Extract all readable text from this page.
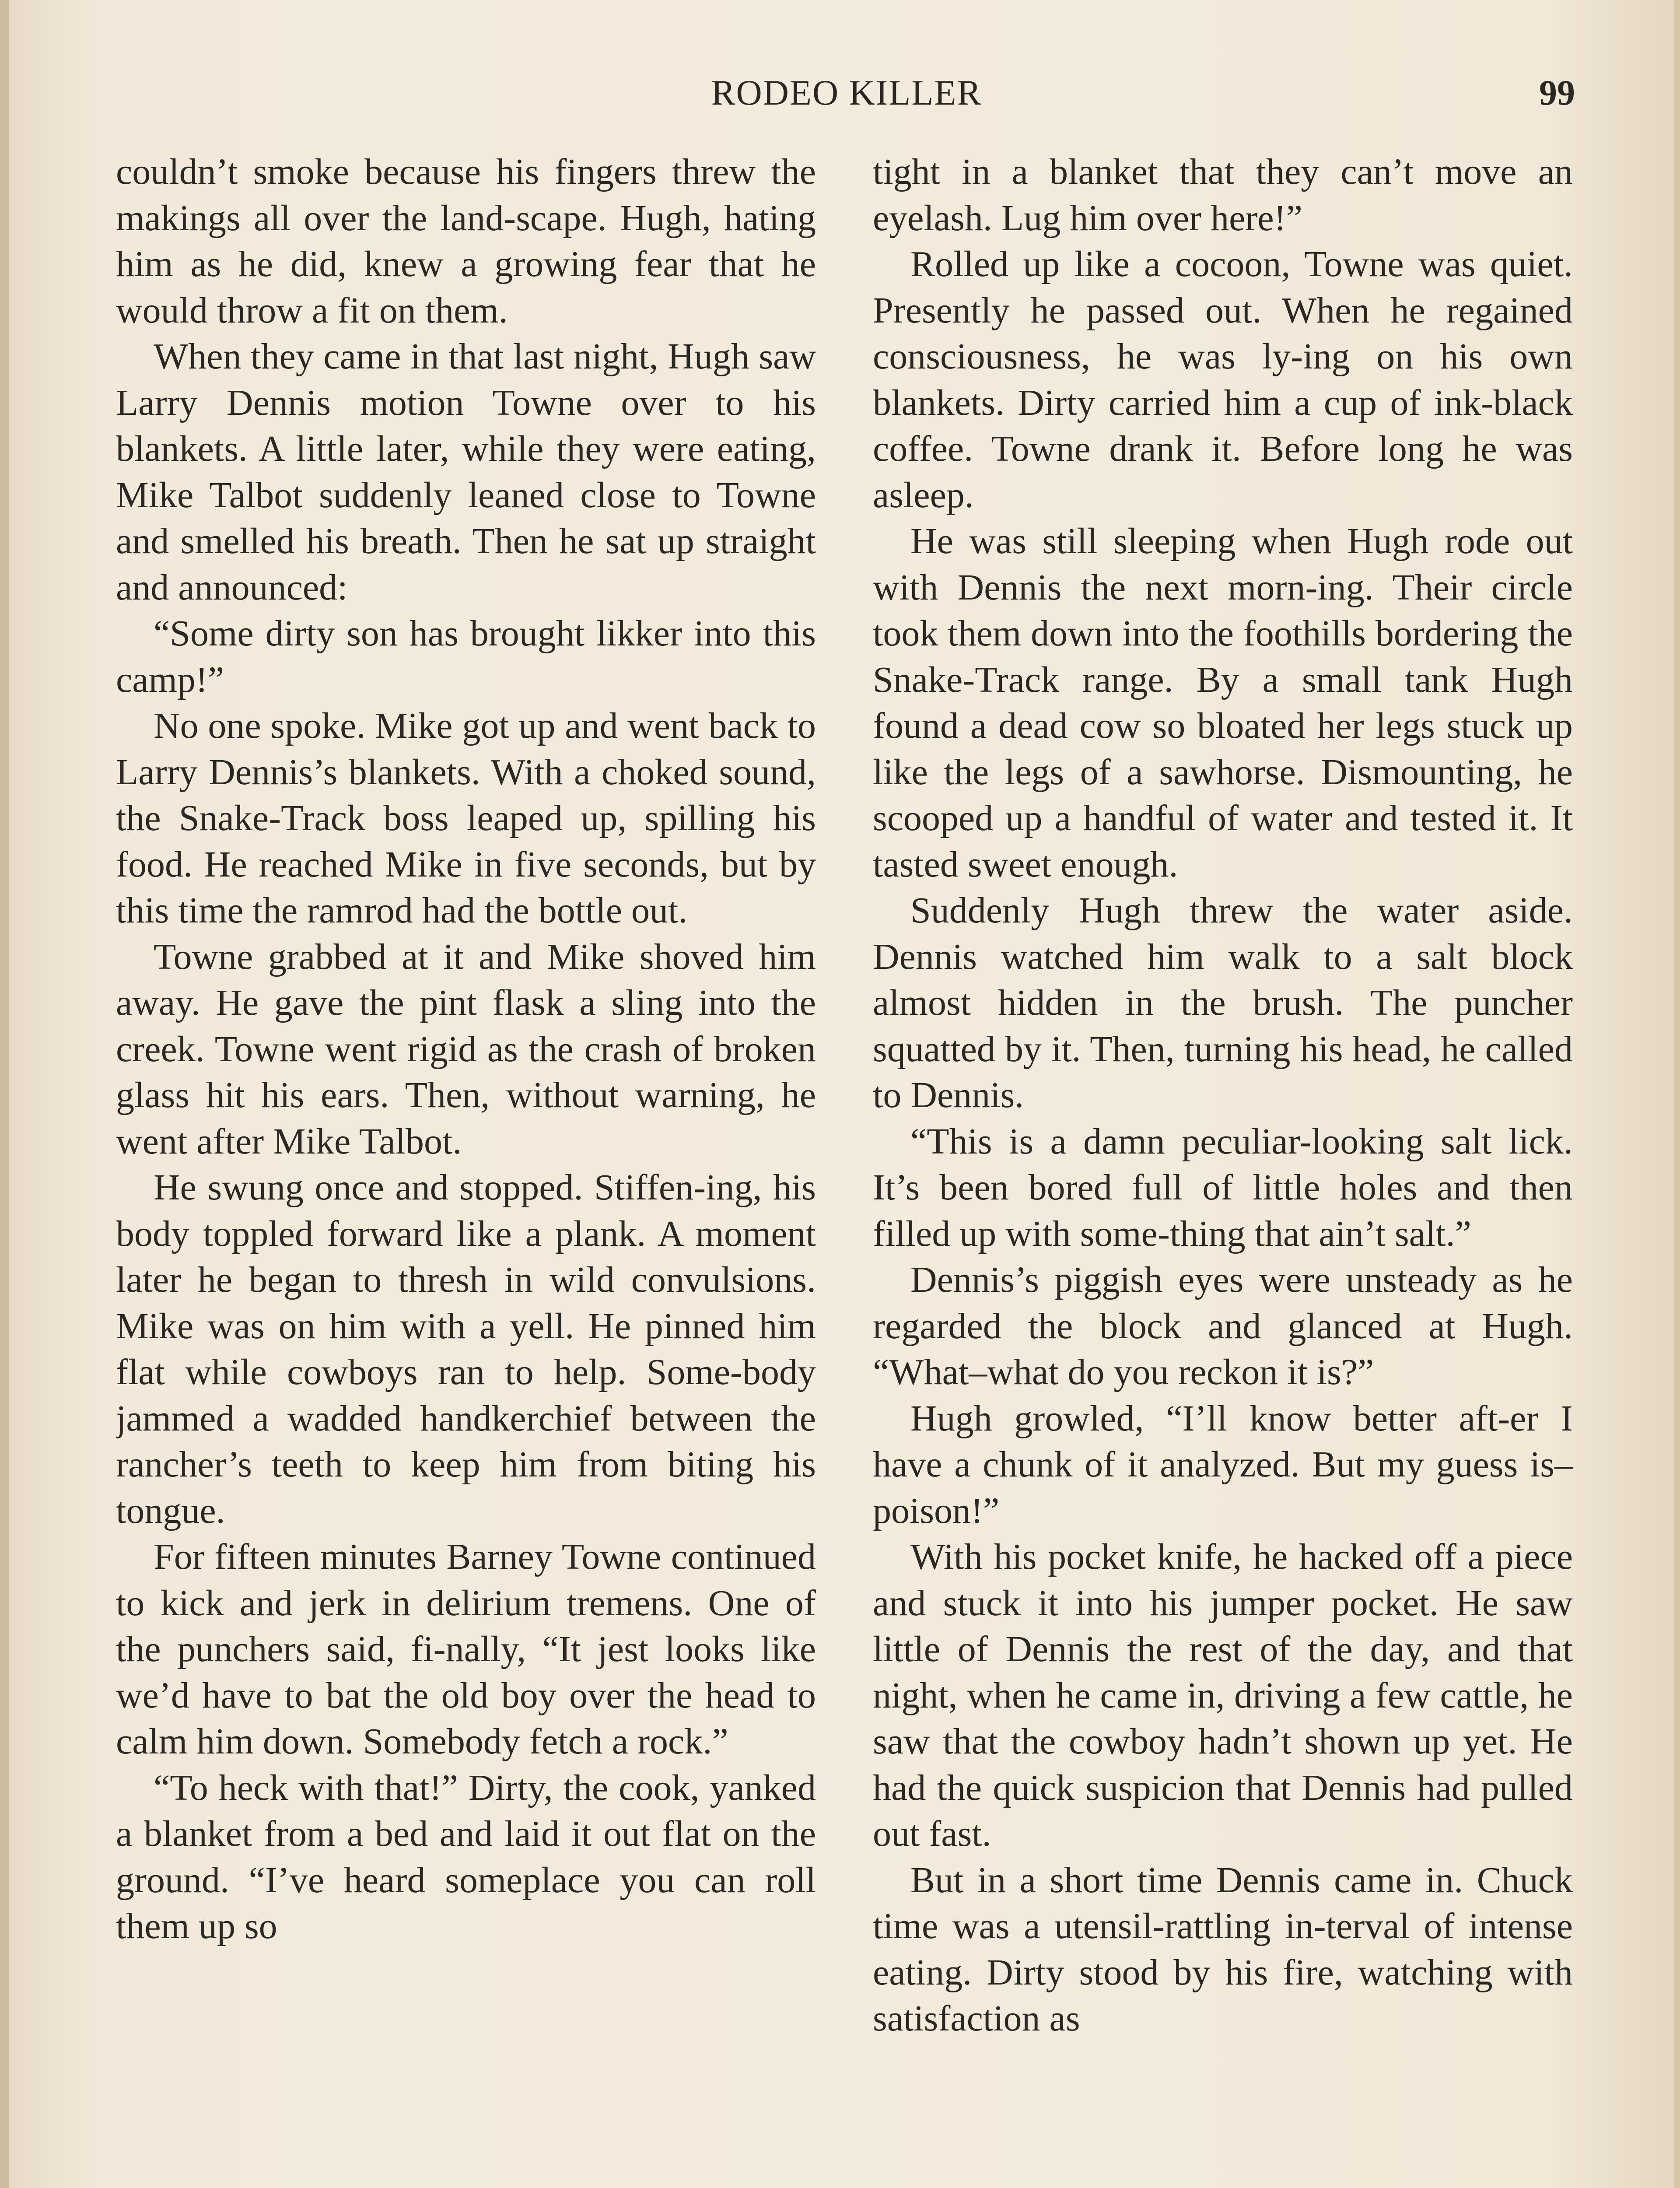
RODEO KILLER	99

couldn’t smoke because his fingers threw the makings all over the land-scape. Hugh, hating him as he did, knew a growing fear that he would throw a fit on them.

When they came in that last night, Hugh saw Larry Dennis motion Towne over to his blankets. A little later, while they were eating, Mike Talbot suddenly leaned close to Towne and smelled his breath. Then he sat up straight and announced:

“Some dirty son has brought likker into this camp!”

No one spoke. Mike got up and went back to Larry Dennis’s blankets. With a choked sound, the Snake-Track boss leaped up, spilling his food. He reached Mike in five seconds, but by this time the ramrod had the bottle out.

Towne grabbed at it and Mike shoved him away. He gave the pint flask a sling into the creek. Towne went rigid as the crash of broken glass hit his ears. Then, without warning, he went after Mike Talbot.

He swung once and stopped. Stiffen-ing, his body toppled forward like a plank. A moment later he began to thresh in wild convulsions. Mike was on him with a yell. He pinned him flat while cowboys ran to help. Some-body jammed a wadded handkerchief between the rancher’s teeth to keep him from biting his tongue.

For fifteen minutes Barney Towne continued to kick and jerk in delirium tremens. One of the punchers said, fi-nally, “It jest looks like we’d have to bat the old boy over the head to calm him down. Somebody fetch a rock.”

“To heck with that!” Dirty, the cook, yanked a blanket from a bed and laid it out flat on the ground. “I’ve heard someplace you can roll them up so

tight in a blanket that they can’t move an eyelash. Lug him over here!”

Rolled up like a cocoon, Towne was quiet. Presently he passed out. When he regained consciousness, he was ly-ing on his own blankets. Dirty carried him a cup of ink-black coffee. Towne drank it. Before long he was asleep.

He was still sleeping when Hugh rode out with Dennis the next morn-ing. Their circle took them down into the foothills bordering the Snake-Track range. By a small tank Hugh found a dead cow so bloated her legs stuck up like the legs of a sawhorse. Dismounting, he scooped up a handful of water and tested it. It tasted sweet enough.

Suddenly Hugh threw the water aside. Dennis watched him walk to a salt block almost hidden in the brush. The puncher squatted by it. Then, turning his head, he called to Dennis.

“This is a damn peculiar-looking salt lick. It’s been bored full of little holes and then filled up with some-thing that ain’t salt.”

Dennis’s piggish eyes were unsteady as he regarded the block and glanced at Hugh. “What–what do you reckon it is?”

Hugh growled, “I’ll know better aft-er I have a chunk of it analyzed. But my guess is–poison!”

With his pocket knife, he hacked off a piece and stuck it into his jumper pocket. He saw little of Dennis the rest of the day, and that night, when he came in, driving a few cattle, he saw that the cowboy hadn’t shown up yet. He had the quick suspicion that Dennis had pulled out fast.

But in a short time Dennis came in. Chuck time was a utensil-rattling in-terval of intense eating. Dirty stood by his fire, watching with satisfaction as
